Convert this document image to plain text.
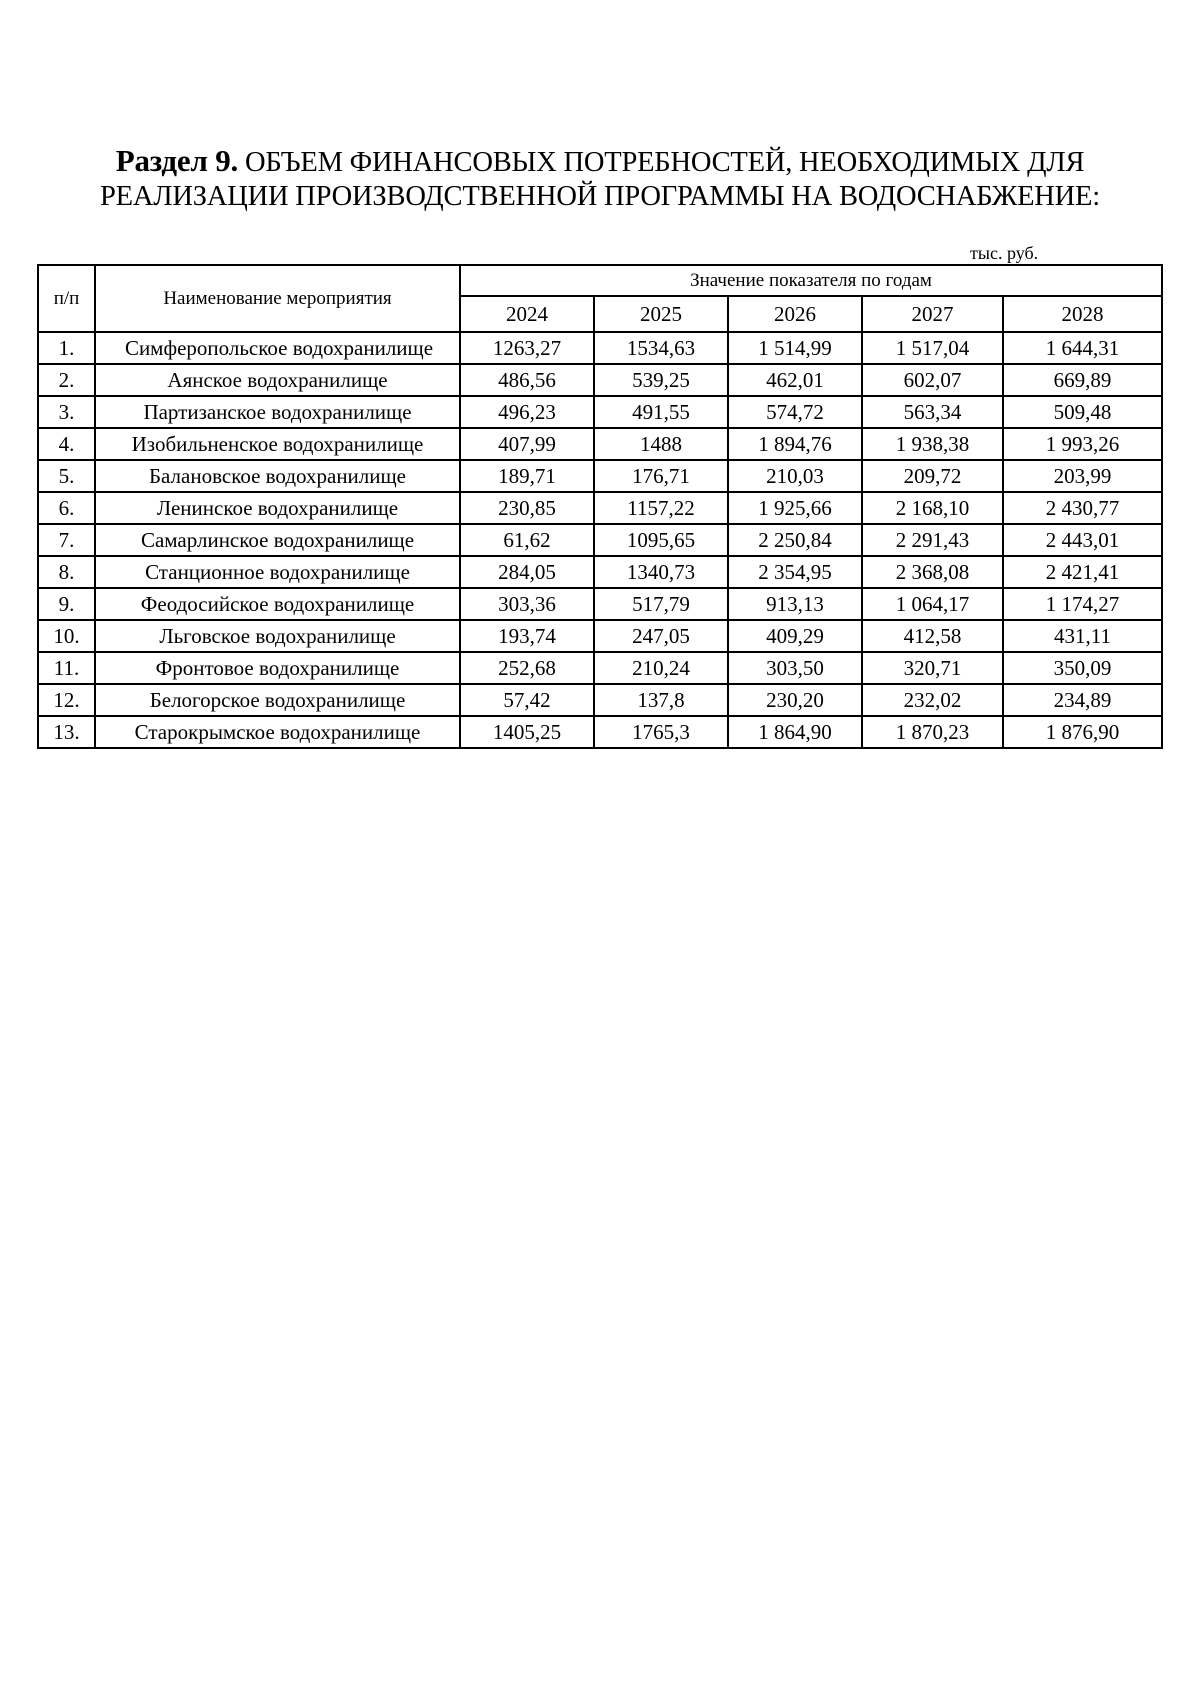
Раздел 9. ОБЪЕМ ФИНАНСОВЫХ ПОТРЕБНОСТЕЙ, НЕОБХОДИМЫХ ДЛЯ
РЕАЛИЗАЦИИ ПРОИЗВОДСТВЕННОЙ ПРОГРАММЫ НА ВОДОСНАБЖЕНИЕ:
тыс. руб.
п/п	Наименование мероприятия	Значение показателя по годам				
		2024	2025	2026	2027	2028
1.	Симферопольское водохранилище	1263,27	1534,63	1 514,99	1 517,04	1 644,31
2.	Аянское водохранилище	486,56	539,25	462,01	602,07	669,89
3.	Партизанское водохранилище	496,23	491,55	574,72	563,34	509,48
4.	Изобильненское водохранилище	407,99	1488	1 894,76	1 938,38	1 993,26
5.	Балановское водохранилище	189,71	176,71	210,03	209,72	203,99
6.	Ленинское водохранилище	230,85	1157,22	1 925,66	2 168,10	2 430,77
7.	Самарлинское водохранилище	61,62	1095,65	2 250,84	2 291,43	2 443,01
8.	Станционное водохранилище	284,05	1340,73	2 354,95	2 368,08	2 421,41
9.	Феодосийское водохранилище	303,36	517,79	913,13	1 064,17	1 174,27
10.	Льговское водохранилище	193,74	247,05	409,29	412,58	431,11
11.	Фронтовое водохранилище	252,68	210,24	303,50	320,71	350,09
12.	Белогорское водохранилище	57,42	137,8	230,20	232,02	234,89
13.	Старокрымское водохранилище	1405,25	1765,3	1 864,90	1 870,23	1 876,90
